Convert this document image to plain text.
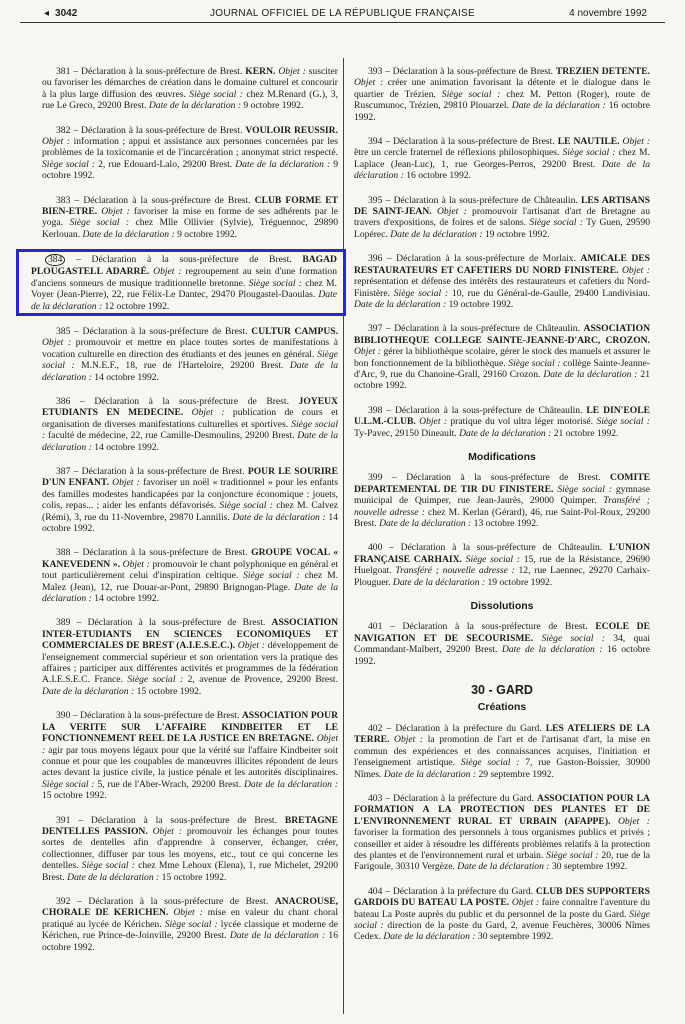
◂ 3042	JOURNAL OFFICIEL DE LA RÉPUBLIQUE FRANÇAISE	4 novembre 1992

381 – Déclaration à la sous-préfecture de Brest. KERN. Objet : susciter ou favoriser les démarches de création dans le domaine culturel et concourir à la plus large diffusion des œuvres. Siège social : chez M.Renard (G.), 3, rue Le Greco, 29200 Brest. Date de la déclaration : 9 octobre 1992.

382 – Déclaration à la sous-préfecture de Brest. VOULOIR REUSSIR. Objet : information ; appui et assistance aux personnes concernées par les problèmes de la toxicomanie et de l'incarcération ; anonymat strict respecté. Siège social : 2, rue Edouard-Lalo, 29200 Brest. Date de la déclaration : 9 octobre 1992.

383 – Déclaration à la sous-préfecture de Brest. CLUB FORME ET BIEN-ETRE. Objet : favoriser la mise en forme de ses adhérents par le yoga. Siège social : chez Mlle Ollivier (Sylvie), Tréguennoc, 29890 Kerlouan. Date de la déclaration : 9 octobre 1992.

384 – Déclaration à la sous-préfecture de Brest. BAGAD PLOUGASTELL ADARRÉ. Objet : regroupement au sein d'une formation d'anciens sonneurs de musique traditionnelle bretonne. Siège social : chez M. Voyer (Jean-Pierre), 22, rue Félix-Le Dantec, 29470 Plougastel-Daoulas. Date de la déclaration : 12 octobre 1992.

385 – Déclaration à la sous-préfecture de Brest. CULTUR CAMPUS. Objet : promouvoir et mettre en place toutes sortes de manifestations à vocation culturelle en direction des étudiants et des jeunes en général. Siège social : M.N.E.F., 18, rue de l'Harteloire, 29200 Brest. Date de la déclaration : 14 octobre 1992.

386 – Déclaration à la sous-préfecture de Brest. JOYEUX ETUDIANTS EN MEDECINE. Objet : publication de cours et organisation de diverses manifestations culturelles et sportives. Siège social : faculté de médecine, 22, rue Camille-Desmoulins, 29200 Brest. Date de la déclaration : 14 octobre 1992.

387 – Déclaration à la sous-préfecture de Brest. POUR LE SOURIRE D'UN ENFANT. Objet : favoriser un noël « traditionnel » pour les enfants des familles modestes handicapées par la conjoncture économique : jouets, colis, repas... ; aider les enfants défavorisés. Siège social : chez M. Calvez (Rémi), 3, rue du 11-Novembre, 29870 Lannilis. Date de la déclaration : 14 octobre 1992.

388 – Déclaration à la sous-préfecture de Brest. GROUPE VOCAL « KANEVEDENN ». Objet : promouvoir le chant polyphonique en général et tout particulièrement celui d'inspiration celtique. Siège social : chez M. Malez (Jean), 12, rue Douar-ar-Pont, 29890 Brignogan-Plage. Date de la déclaration : 14 octobre 1992.

389 – Déclaration à la sous-préfecture de Brest. ASSOCIATION INTER-ETUDIANTS EN SCIENCES ECONOMIQUES ET COMMERCIALES DE BREST (A.I.E.S.E.C.). Objet : développement de l'enseignement commercial supérieur et son orientation vers la pratique des affaires ; participer aux différentes activités et programmes de la fédération A.I.E.S.E.C. France. Siège social : 2, avenue de Provence, 29200 Brest. Date de la déclaration : 15 octobre 1992.

390 – Déclaration à la sous-préfecture de Brest. ASSOCIATION POUR LA VERITE SUR L'AFFAIRE KINDBEITER ET LE FONCTIONNEMENT REEL DE LA JUSTICE EN BRETAGNE. Objet : agir par tous moyens légaux pour que la vérité sur l'affaire Kindbeiter soit connue et pour que les coupables de manœuvres illicites répondent de leurs actes devant la justice civile, la justice pénale et les autorités disciplinaires. Siège social : 5, rue de l'Aber-Wrach, 29200 Brest. Date de la déclaration : 15 octobre 1992.

391 – Déclaration à la sous-préfecture de Brest. BRETAGNE DENTELLES PASSION. Objet : promouvoir les échanges pour toutes sortes de dentelles afin d'apprendre à conserver, échanger, créer, collectionner, diffuser par tous les moyens, etc., tout ce qui concerne les dentelles. Siège social : chez Mme Lehoux (Elena), 1, rue Michelet, 29200 Brest. Date de la déclaration : 15 octobre 1992.

392 – Déclaration à la sous-préfecture de Brest. ANACROUSE, CHORALE DE KERICHEN. Objet : mise en valeur du chant choral pratiqué au lycée de Kérichen. Siège social : lycée classique et moderne de Kérichen, rue Prince-de-Joinville, 29200 Brest. Date de la déclaration : 16 octobre 1992.

393 – Déclaration à la sous-préfecture de Brest. TREZIEN DETENTE. Objet : créer une animation favorisant la détente et le dialogue dans le quartier de Trézien. Siège social : chez M. Petton (Roger), route de Ruscumunoc, Trézien, 29810 Plouarzel. Date de la déclaration : 16 octobre 1992.

394 – Déclaration à la sous-préfecture de Brest. LE NAUTILE. Objet : être un cercle fraternel de réflexions philosophiques. Siège social : chez M. Laplace (Jean-Luc), 1, rue Georges-Perros, 29200 Brest. Date de la déclaration : 16 octobre 1992.

395 – Déclaration à la sous-préfecture de Châteaulin. LES ARTISANS DE SAINT-JEAN. Objet : promouvoir l'artisanat d'art de Bretagne au travers d'expositions, de foires et de salons. Siège social : Ty Guen, 29590 Lopérec. Date de la déclaration : 19 octobre 1992.

396 – Déclaration à la sous-préfecture de Morlaix. AMICALE DES RESTAURATEURS ET CAFETIERS DU NORD FINISTERE. Objet : représentation et défense des intérêts des restaurateurs et cafetiers du Nord-Finistère. Siège social : 10, rue du Général-de-Gaulle, 29400 Landivisiau. Date de la déclaration : 19 octobre 1992.

397 – Déclaration à la sous-préfecture de Châteaulin. ASSOCIATION BIBLIOTHEQUE COLLEGE SAINTE-JEANNE-D'ARC, CROZON. Objet : gérer la bibliothèque scolaire, gérer le stock des manuels et assurer le bon fonctionnement de la bibliothèque. Siège social : collège Sainte-Jeanne-d'Arc, 9, rue du Chanoine-Grall, 29160 Crozon. Date de la déclaration : 21 octobre 1992.

398 – Déclaration à la sous-préfecture de Châteaulin. LE DIN'EOLE U.L.M.-CLUB. Objet : pratique du vol ultra léger motorisé. Siège social : Ty-Pavec, 29150 Dineault. Date de la déclaration : 21 octobre 1992.

Modifications

399 – Déclaration à la sous-préfecture de Brest. COMITE DEPARTEMENTAL DE TIR DU FINISTERE. Siège social : gymnase municipal de Quimper, rue Jean-Jaurès, 29000 Quimper. Transféré ; nouvelle adresse : chez M. Kerlan (Gérard), 46, rue Saint-Pol-Roux, 29200 Brest. Date de la déclaration : 13 octobre 1992.

400 – Déclaration à la sous-préfecture de Châteaulin. L'UNION FRANÇAISE CARHAIX. Siège social : 15, rue de la Résistance, 29690 Huelgoat. Transféré ; nouvelle adresse : 12, rue Laennec, 29270 Carhaix-Plouguer. Date de la déclaration : 19 octobre 1992.

Dissolutions

401 – Déclaration à la sous-préfecture de Brest. ECOLE DE NAVIGATION ET DE SECOURISME. Siège social : 34, quai Commandant-Malbert, 29200 Brest. Date de la déclaration : 16 octobre 1992.

30 - GARD
Créations

402 – Déclaration à la préfecture du Gard. LES ATELIERS DE LA TERRE. Objet : la promotion de l'art et de l'artisanat d'art, la mise en commun des expériences et des connaissances acquises, l'initiation et l'enseignement artistique. Siège social : 7, rue Gaston-Boissier, 30900 Nîmes. Date de la déclaration : 29 septembre 1992.

403 – Déclaration à la préfecture du Gard. ASSOCIATION POUR LA FORMATION A LA PROTECTION DES PLANTES ET DE L'ENVIRONNEMENT RURAL ET URBAIN (AFAPPE). Objet : favoriser la formation des personnels à tous organismes publics et privés ; conseiller et aider à résoudre les différents problèmes relatifs à la protection des plantes et de l'environnement rural et urbain. Siège social : 20, rue de la Farigoule, 30310 Vergèze. Date de la déclaration : 30 septembre 1992.

404 – Déclaration à la préfecture du Gard. CLUB DES SUPPORTERS GARDOIS DU BATEAU LA POSTE. Objet : faire connaître l'aventure du bateau La Poste auprès du public et du personnel de la poste du Gard. Siège social : direction de la poste du Gard, 2, avenue Feuchères, 30006 Nîmes Cedex. Date de la déclaration : 30 septembre 1992.
